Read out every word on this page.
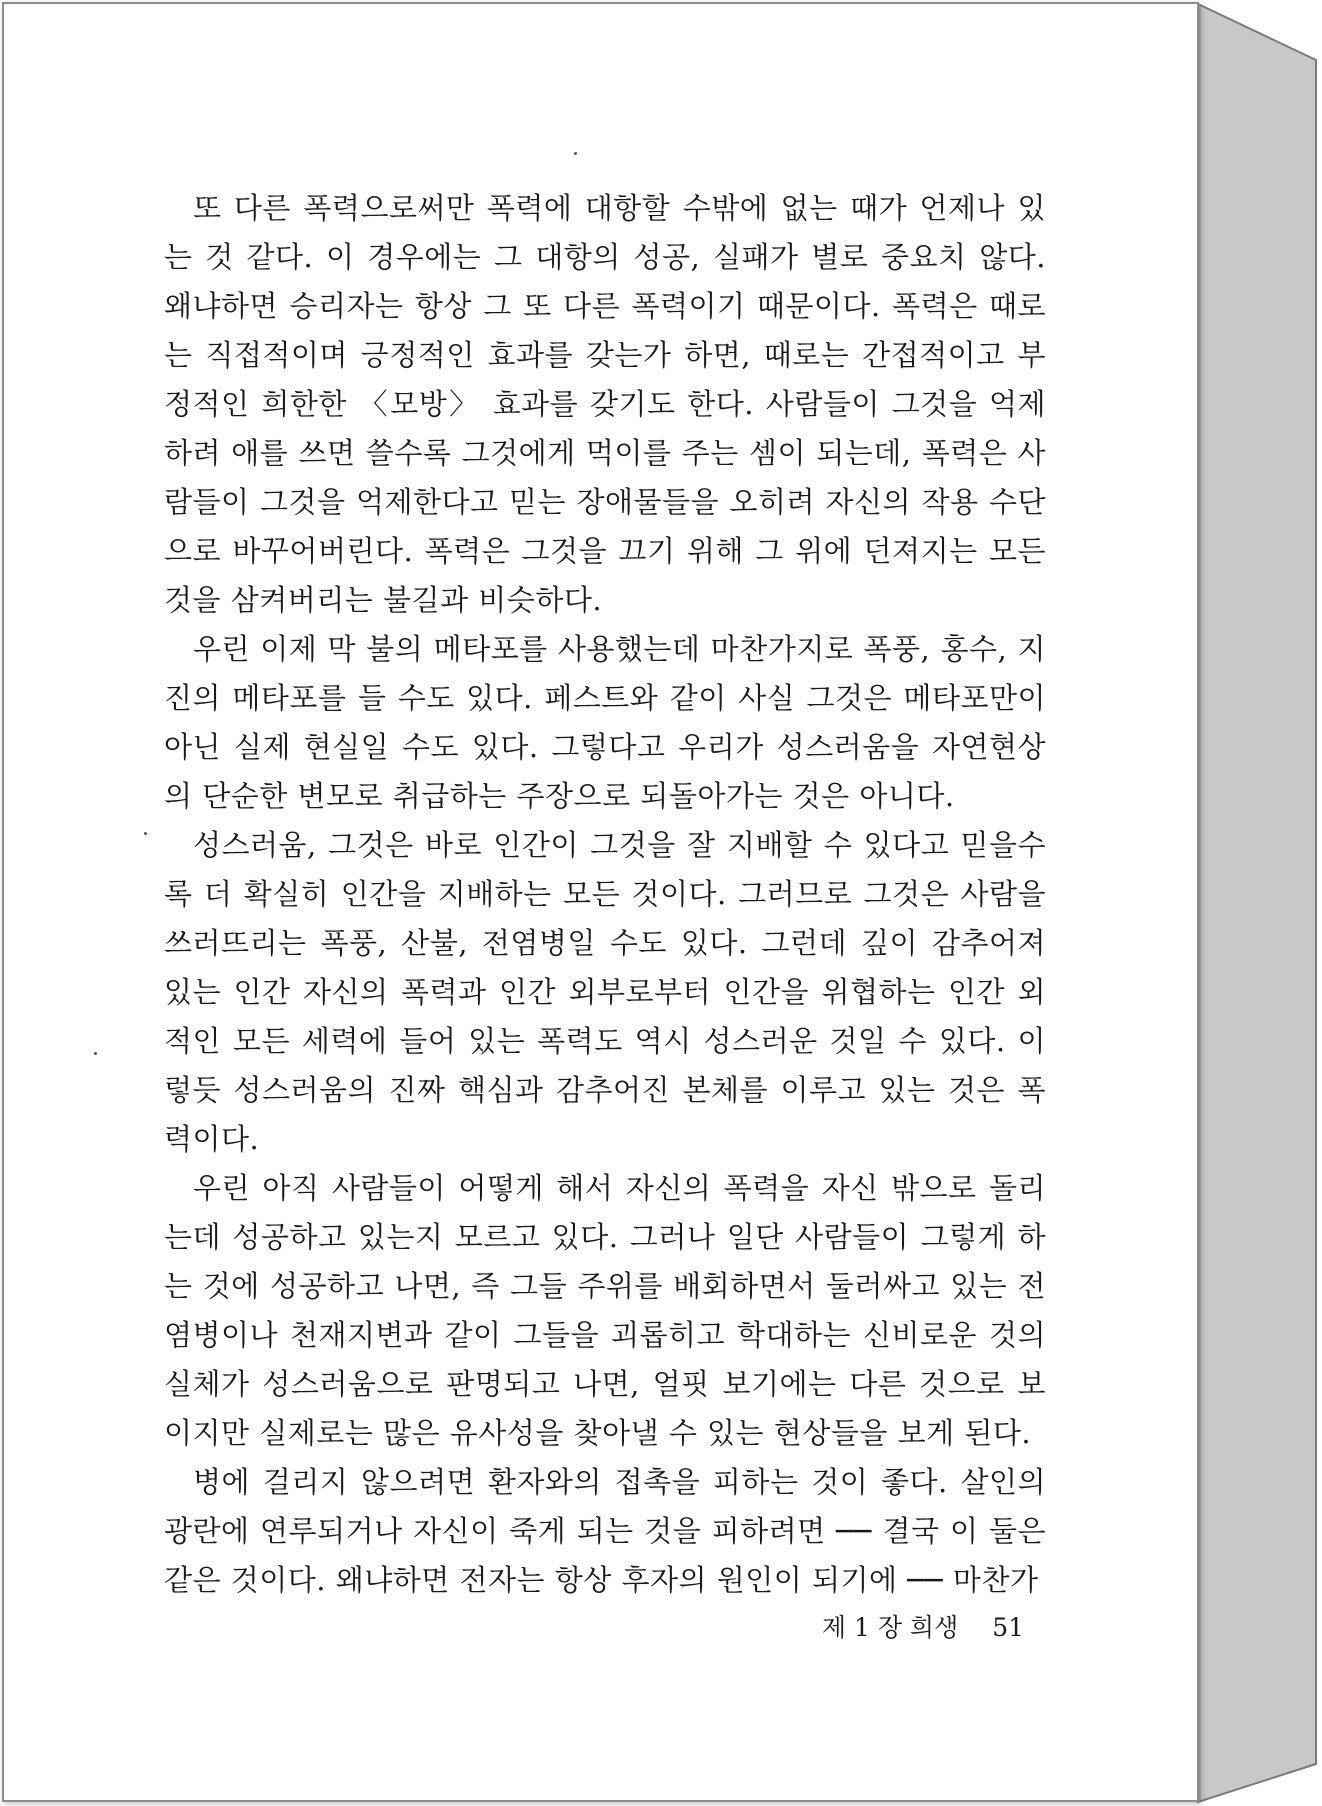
또 다른 폭력으로써만 폭력에 대항할 수밖에 없는 때가 언제나 있는 것 같다. 이 경우에는 그 대항의 성공, 실패가 별로 중요치 않다. 왜냐하면 승리자는 항상 그 또 다른 폭력이기 때문이다. 폭력은 때로는 직접적이며 긍정적인 효과를 갖는가 하면, 때로는 간접적이고 부정적인 희한한 〈모방〉 효과를 갖기도 한다. 사람들이 그것을 억제하려 애를 쓰면 쓸수록 그것에게 먹이를 주는 셈이 되는데, 폭력은 사람들이 그것을 억제한다고 믿는 장애물들을 오히려 자신의 작용 수단으로 바꾸어버린다. 폭력은 그것을 끄기 위해 그 위에 던져지는 모든 것을 삼켜버리는 불길과 비슷하다.

우린 이제 막 불의 메타포를 사용했는데 마찬가지로 폭풍, 홍수, 지진의 메타포를 들 수도 있다. 페스트와 같이 사실 그것은 메타포만이 아닌 실제 현실일 수도 있다. 그렇다고 우리가 성스러움을 자연현상의 단순한 변모로 취급하는 주장으로 되돌아가는 것은 아니다.

성스러움, 그것은 바로 인간이 그것을 잘 지배할 수 있다고 믿을수록 더 확실히 인간을 지배하는 모든 것이다. 그러므로 그것은 사람을 쓰러뜨리는 폭풍, 산불, 전염병일 수도 있다. 그런데 깊이 감추어져 있는 인간 자신의 폭력과 인간 외부로부터 인간을 위협하는 인간 외적인 모든 세력에 들어 있는 폭력도 역시 성스러운 것일 수 있다. 이렇듯 성스러움의 진짜 핵심과 감추어진 본체를 이루고 있는 것은 폭력이다.

우린 아직 사람들이 어떻게 해서 자신의 폭력을 자신 밖으로 돌리는데 성공하고 있는지 모르고 있다. 그러나 일단 사람들이 그렇게 하는 것에 성공하고 나면, 즉 그들 주위를 배회하면서 둘러싸고 있는 전염병이나 천재지변과 같이 그들을 괴롭히고 학대하는 신비로운 것의 실체가 성스러움으로 판명되고 나면, 얼핏 보기에는 다른 것으로 보이지만 실제로는 많은 유사성을 찾아낼 수 있는 현상들을 보게 된다.

병에 걸리지 않으려면 환자와의 접촉을 피하는 것이 좋다. 살인의 광란에 연루되거나 자신이 죽게 되는 것을 피하려면 ── 결국 이 둘은 같은 것이다. 왜냐하면 전자는 항상 후자의 원인이 되기에 ── 마찬가

제 1 장 희생 51
